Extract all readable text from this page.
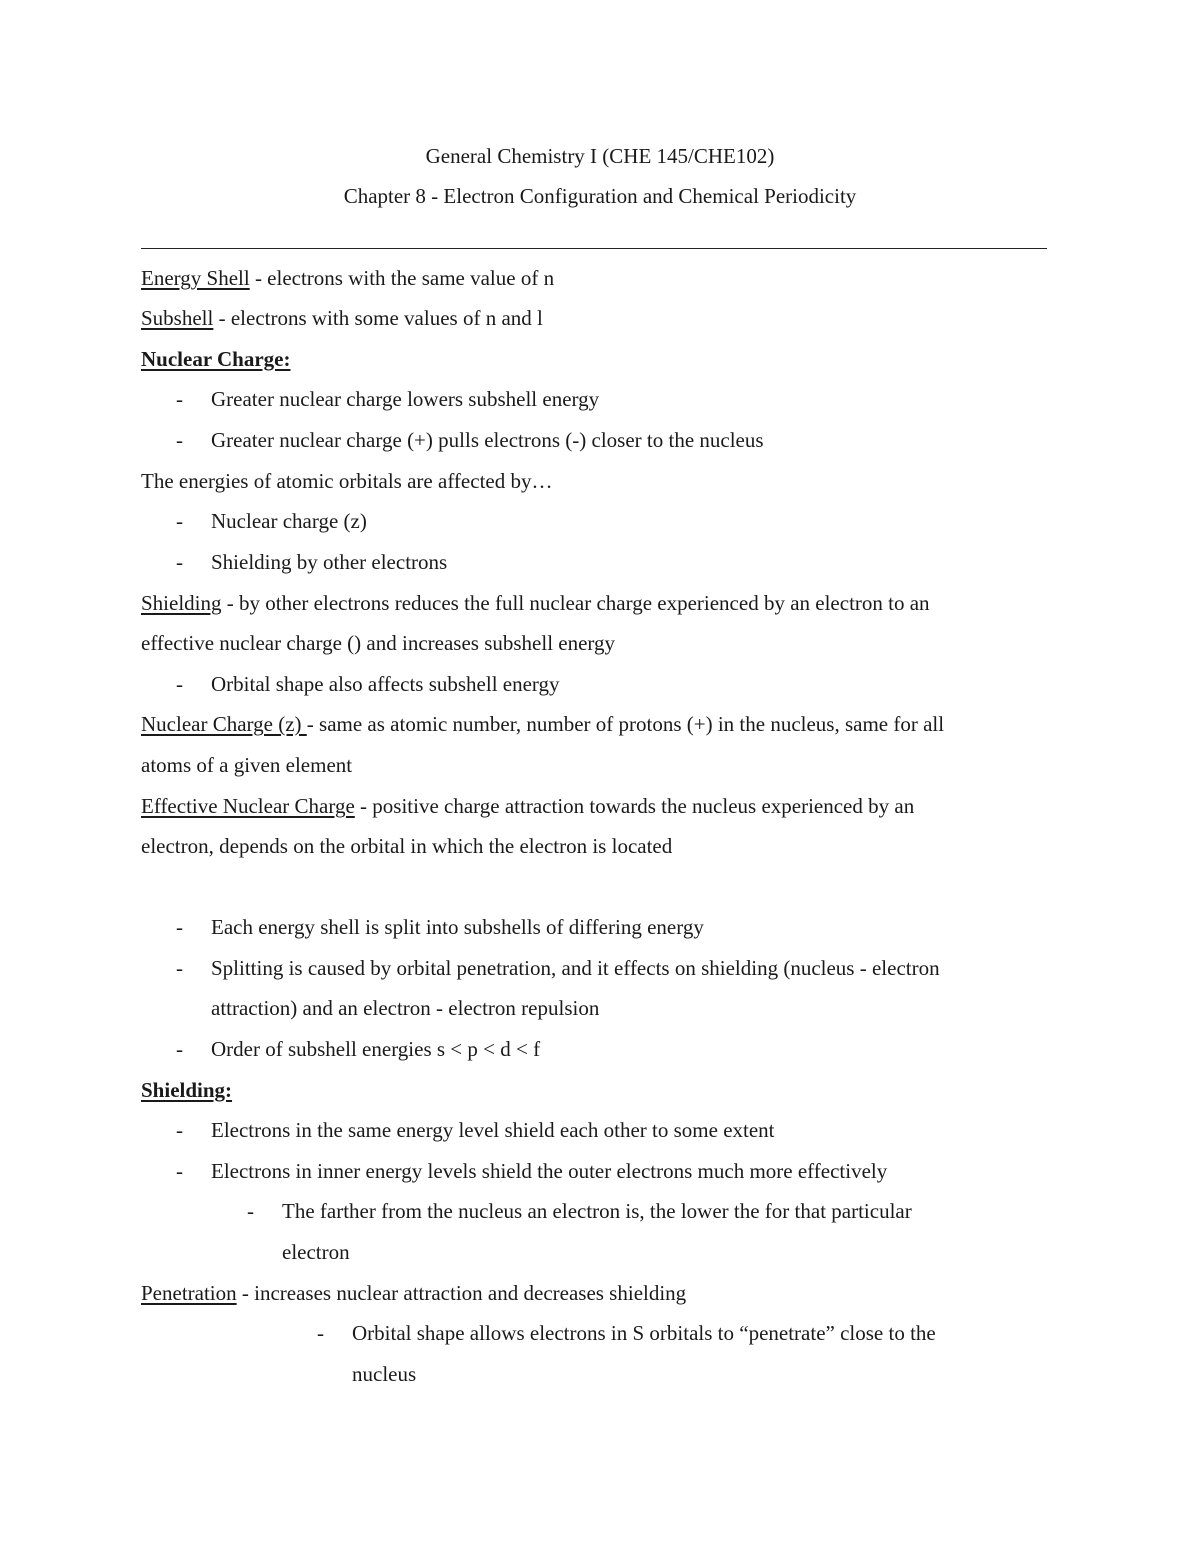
General Chemistry I (CHE 145/CHE102)
Chapter 8 - Electron Configuration and Chemical Periodicity
Energy Shell - electrons with the same value of n
Subshell - electrons with some values of n and l
Nuclear Charge:
- Greater nuclear charge lowers subshell energy
- Greater nuclear charge (+) pulls electrons (-) closer to the nucleus
The energies of atomic orbitals are affected by…
- Nuclear charge (z)
- Shielding by other electrons
Shielding - by other electrons reduces the full nuclear charge experienced by an electron to an
effective nuclear charge () and increases subshell energy
- Orbital shape also affects subshell energy
Nuclear Charge (z) - same as atomic number, number of protons (+) in the nucleus, same for all
atoms of a given element
Effective Nuclear Charge - positive charge attraction towards the nucleus experienced by an
electron, depends on the orbital in which the electron is located
- Each energy shell is split into subshells of differing energy
- Splitting is caused by orbital penetration, and it effects on shielding (nucleus - electron
attraction) and an electron - electron repulsion
- Order of subshell energies s < p < d < f
Shielding:
- Electrons in the same energy level shield each other to some extent
- Electrons in inner energy levels shield the outer electrons much more effectively
- The farther from the nucleus an electron is, the lower the for that particular
electron
Penetration - increases nuclear attraction and decreases shielding
- Orbital shape allows electrons in S orbitals to “penetrate” close to the
nucleus
